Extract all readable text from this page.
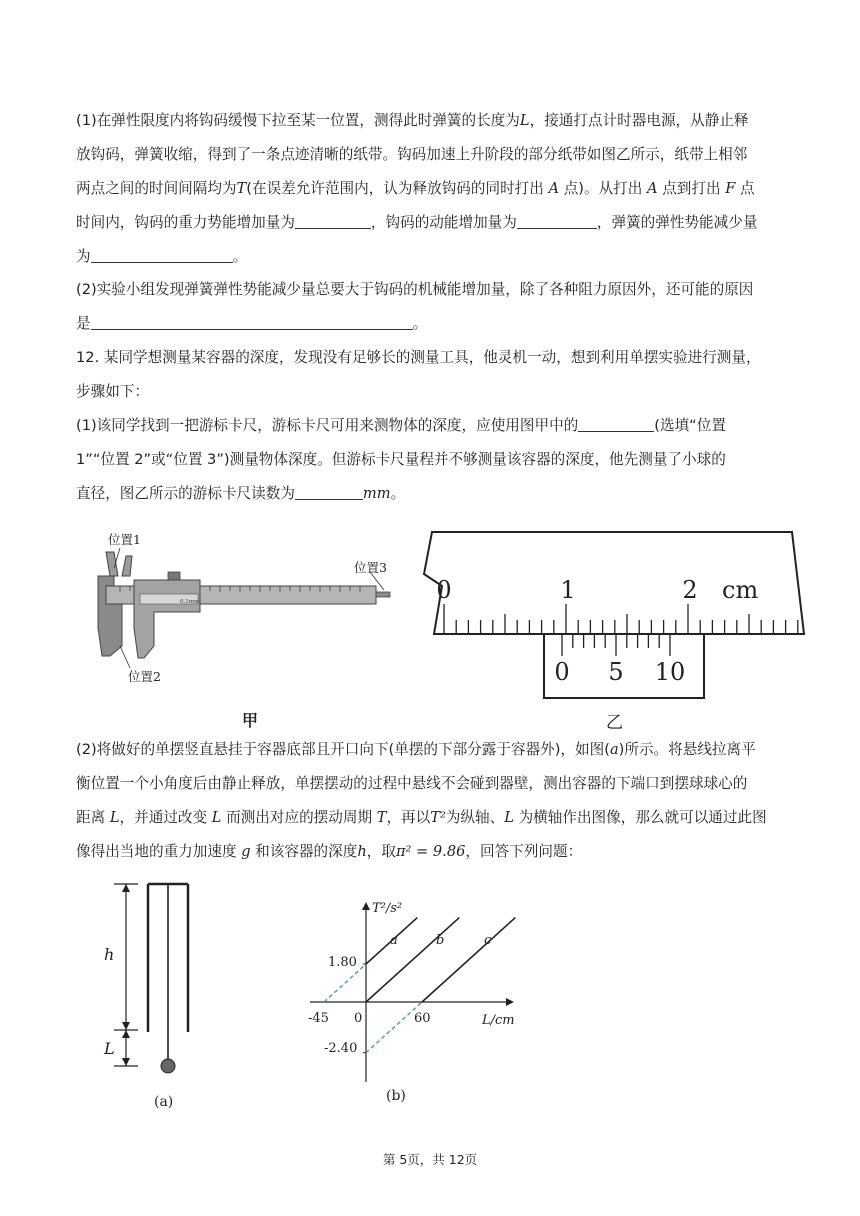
(1)在弹性限度内将钩码缓慢下拉至某一位置，测得此时弹簧的长度为L，接通打点计时器电源，从静止释
放钩码，弹簧收缩，得到了一条点迹清晰的纸带。钩码加速上升阶段的部分纸带如图乙所示，纸带上相邻
两点之间的时间间隔均为T(在误差允许范围内，认为释放钩码的同时打出 A 点)。从打出 A 点到打出 F 点
时间内，钩码的重力势能增加量为	，钩码的动能增加量为	，弹簧的弹性势能减少量
为	。

(2)实验小组发现弹簧弹性势能减少量总要大于钩码的机械能增加量，除了各种阻力原因外，还可能的原因
是	。

12. 某同学想测量某容器的深度，发现没有足够长的测量工具，他灵机一动，想到利用单摆实验进行测量，
步骤如下：
(1)该同学找到一把游标卡尺，游标卡尺可用来测物体的深度，应使用图甲中的	(选填“位置
1”“位置 2”或“位置 3”)测量物体深度。但游标卡尺量程并不够测量该容器的深度，他先测量了小球的
直径，图乙所示的游标卡尺读数为	mm。

0.1mm
位置1
位置2
位置3
甲
0	1	2 cm
0 5 10
乙

(2)将做好的单摆竖直悬挂于容器底部且开口向下(单摆的下部分露于容器外)，如图(a)所示。将悬线拉离平
衡位置一个小角度后由静止释放，单摆摆动的过程中悬线不会碰到器壁，测出容器的下端口到摆球球心的
距离 L，并通过改变 L 而测出对应的摆动周期 T，再以T²为纵轴、L 为横轴作出图像，那么就可以通过此图
像得出当地的重力加速度 g 和该容器的深度h，取π² = 9.86，回答下列问题：

h
L
(a)
T²/s²
L/cm
1.80
-2.40
-45 0	60
a	b	c
(b)
第 5页，共 12页
